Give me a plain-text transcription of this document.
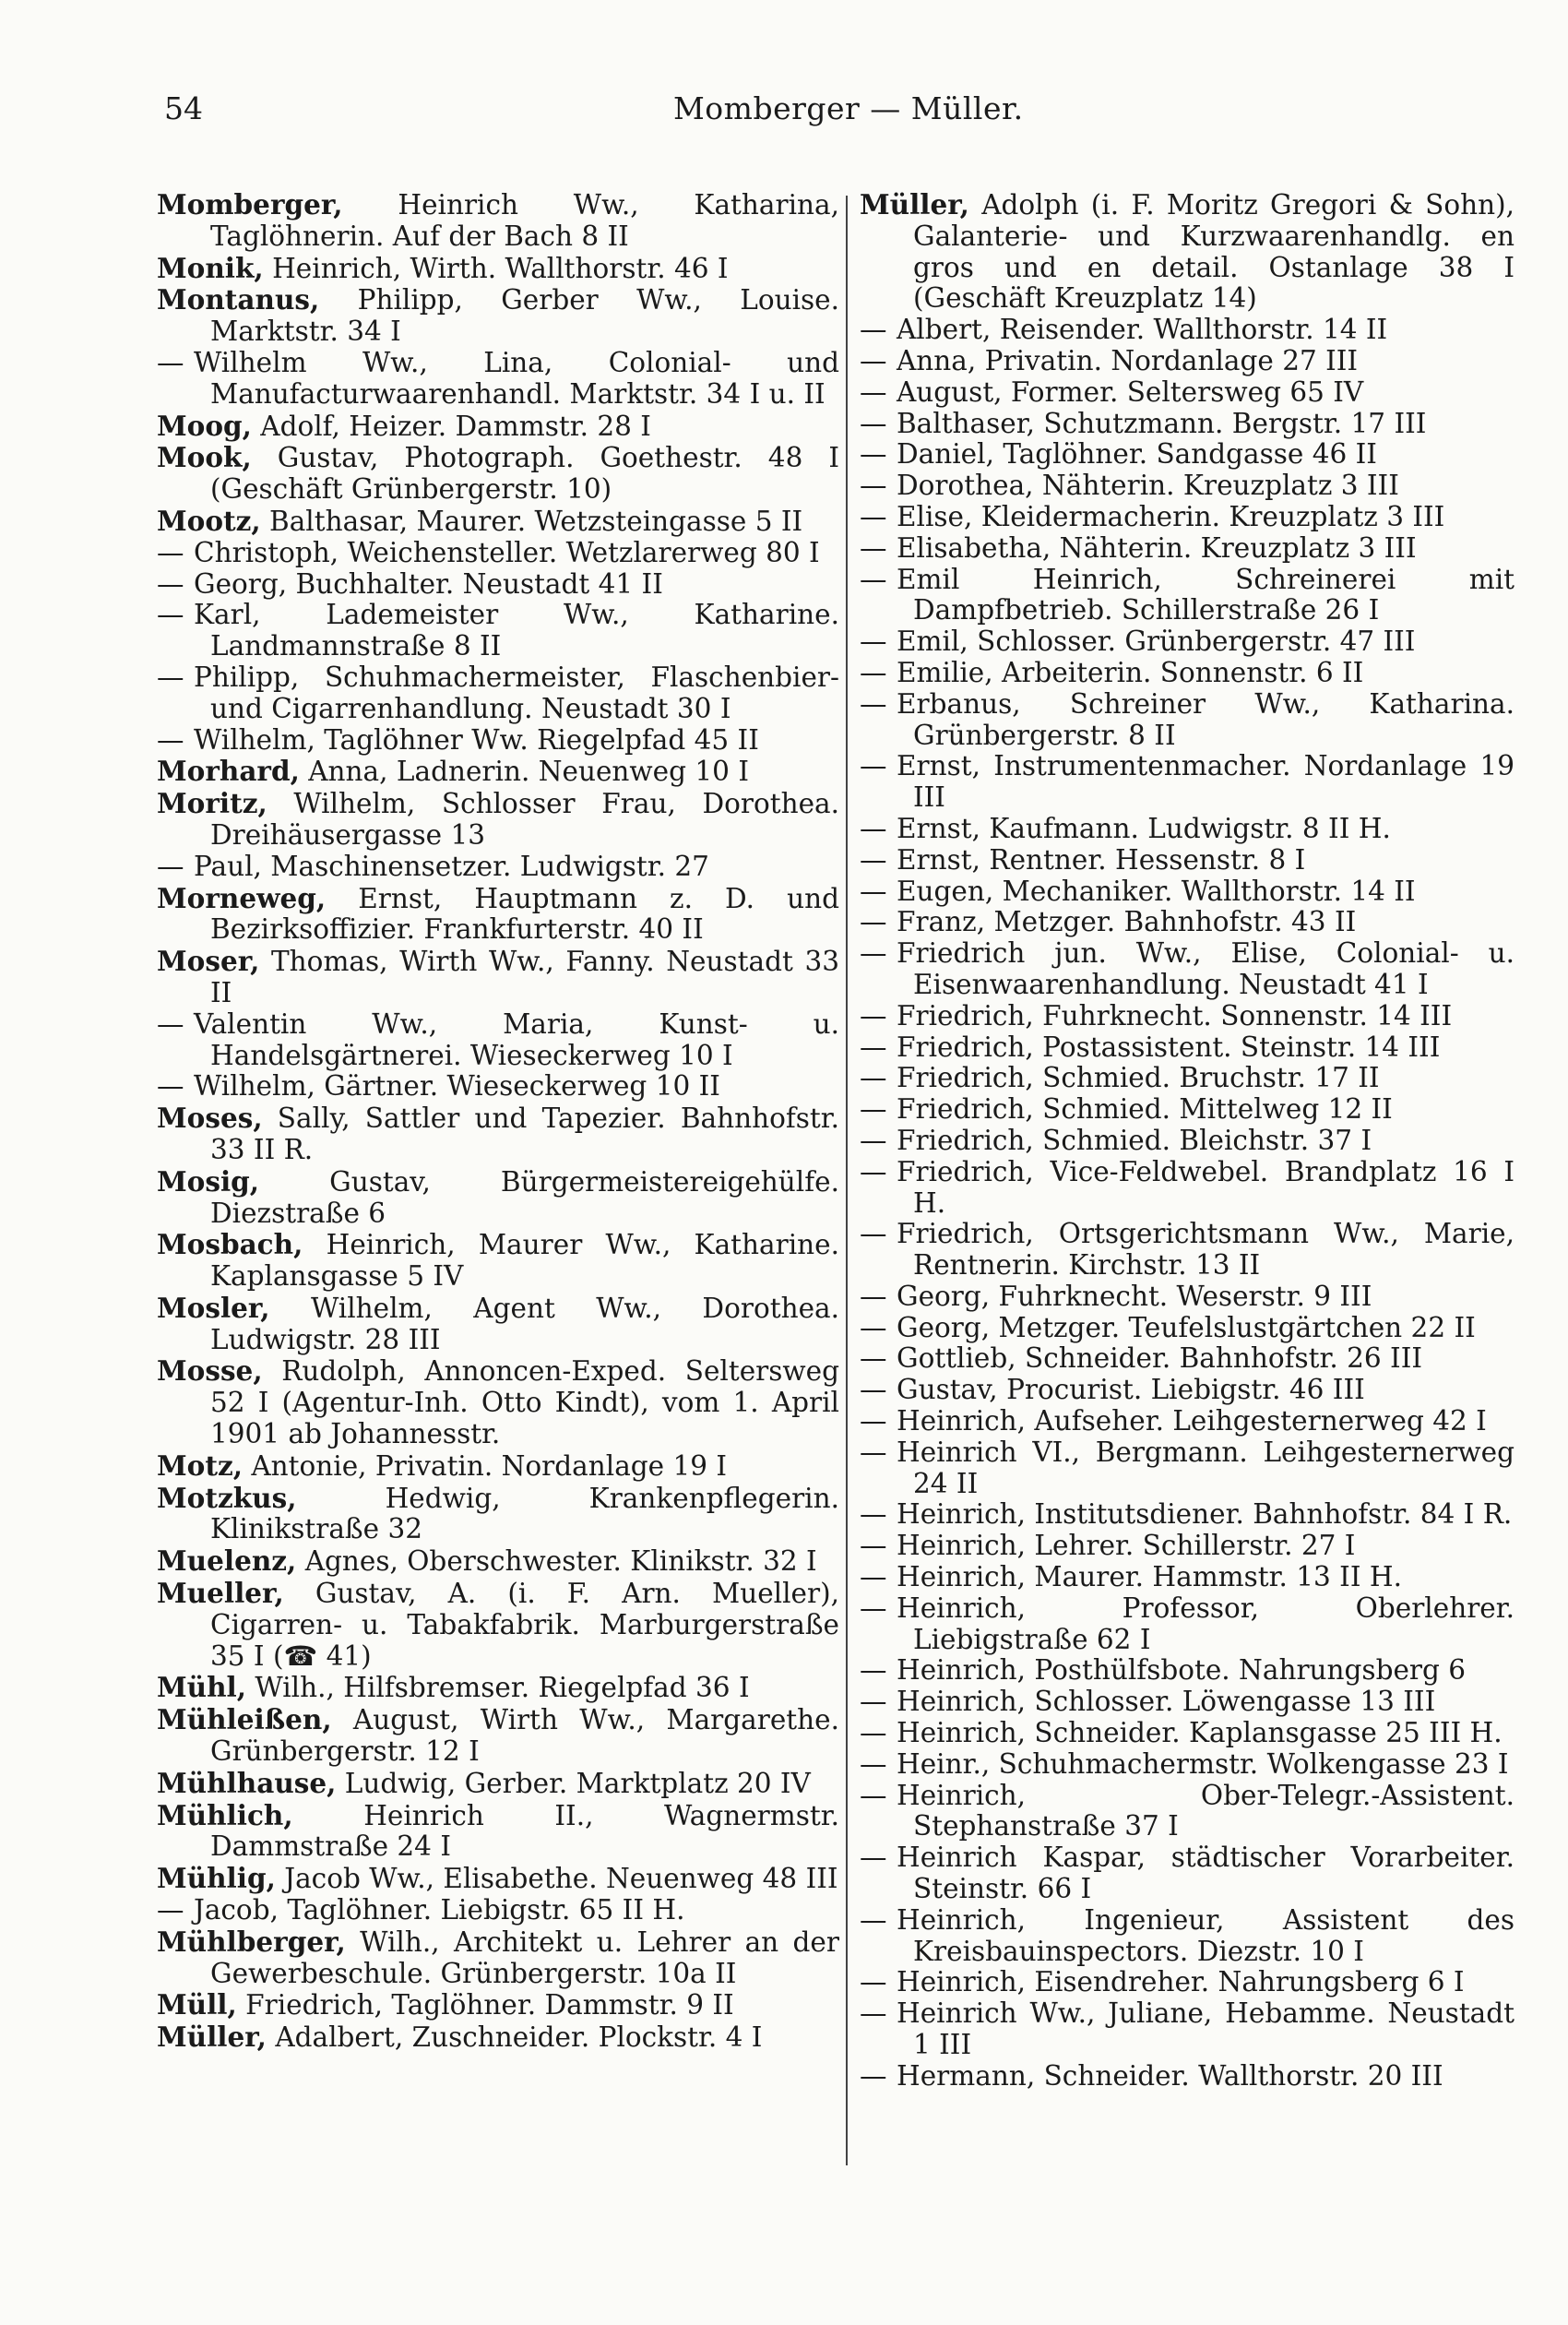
54	Momberger — Müller.

Momberger, Heinrich Ww., Katharina, Taglöhnerin. Auf der Bach 8 II

Monik, Heinrich, Wirth. Wallthorstr. 46 I

Montanus, Philipp, Gerber Ww., Louise. Marktstr. 34 I

— Wilhelm Ww., Lina, Colonial- und Manufacturwaarenhandl. Marktstr. 34 I u. II

Moog, Adolf, Heizer. Dammstr. 28 I

Mook, Gustav, Photograph. Goethestr. 48 I (Geschäft Grünbergerstr. 10)

Mootz, Balthasar, Maurer. Wetzsteingasse 5 II

— Christoph, Weichensteller. Wetzlarerweg 80 I

— Georg, Buchhalter. Neustadt 41 II

— Karl, Lademeister Ww., Katharine. Landmannstraße 8 II

— Philipp, Schuhmachermeister, Flaschenbier- und Cigarrenhandlung. Neustadt 30 I

— Wilhelm, Taglöhner Ww. Riegelpfad 45 II

Morhard, Anna, Ladnerin. Neuenweg 10 I

Moritz, Wilhelm, Schlosser Frau, Dorothea. Dreihäusergasse 13

— Paul, Maschinensetzer. Ludwigstr. 27

Morneweg, Ernst, Hauptmann z. D. und Bezirksoffizier. Frankfurterstr. 40 II

Moser, Thomas, Wirth Ww., Fanny. Neustadt 33 II

— Valentin Ww., Maria, Kunst- u. Handelsgärtnerei. Wieseckerweg 10 I

— Wilhelm, Gärtner. Wieseckerweg 10 II

Moses, Sally, Sattler und Tapezier. Bahnhofstr. 33 II R.

Mosig, Gustav, Bürgermeistereigehülfe. Diezstraße 6

Mosbach, Heinrich, Maurer Ww., Katharine. Kaplansgasse 5 IV

Mosler, Wilhelm, Agent Ww., Dorothea. Ludwigstr. 28 III

Mosse, Rudolph, Annoncen-Exped. Seltersweg 52 I (Agentur-Inh. Otto Kindt), vom 1. April 1901 ab Johannesstr.

Motz, Antonie, Privatin. Nordanlage 19 I

Motzkus, Hedwig, Krankenpflegerin. Klinikstraße 32

Muelenz, Agnes, Oberschwester. Klinikstr. 32 I

Mueller, Gustav, A. (i. F. Arn. Mueller), Cigarren- u. Tabakfabrik. Marburgerstraße 35 I (☎ 41)

Mühl, Wilh., Hilfsbremser. Riegelpfad 36 I

Mühleißen, August, Wirth Ww., Margarethe. Grünbergerstr. 12 I

Mühlhause, Ludwig, Gerber. Marktplatz 20 IV

Mühlich, Heinrich II., Wagnermstr. Dammstraße 24 I

Mühlig, Jacob Ww., Elisabethe. Neuenweg 48 III

— Jacob, Taglöhner. Liebigstr. 65 II H.

Mühlberger, Wilh., Architekt u. Lehrer an der Gewerbeschule. Grünbergerstr. 10a II

Müll, Friedrich, Taglöhner. Dammstr. 9 II

Müller, Adalbert, Zuschneider. Plockstr. 4 I

Müller, Adolph (i. F. Moritz Gregori & Sohn), Galanterie- und Kurzwaarenhandlg. en gros und en detail. Ostanlage 38 I (Geschäft Kreuzplatz 14)

— Albert, Reisender. Wallthorstr. 14 II

— Anna, Privatin. Nordanlage 27 III

— August, Former. Seltersweg 65 IV

— Balthaser, Schutzmann. Bergstr. 17 III

— Daniel, Taglöhner. Sandgasse 46 II

— Dorothea, Nähterin. Kreuzplatz 3 III

— Elise, Kleidermacherin. Kreuzplatz 3 III

— Elisabetha, Nähterin. Kreuzplatz 3 III

— Emil Heinrich, Schreinerei mit Dampfbetrieb. Schillerstraße 26 I

— Emil, Schlosser. Grünbergerstr. 47 III

— Emilie, Arbeiterin. Sonnenstr. 6 II

— Erbanus, Schreiner Ww., Katharina. Grünbergerstr. 8 II

— Ernst, Instrumentenmacher. Nordanlage 19 III

— Ernst, Kaufmann. Ludwigstr. 8 II H.

— Ernst, Rentner. Hessenstr. 8 I

— Eugen, Mechaniker. Wallthorstr. 14 II

— Franz, Metzger. Bahnhofstr. 43 II

— Friedrich jun. Ww., Elise, Colonial- u. Eisenwaarenhandlung. Neustadt 41 I

— Friedrich, Fuhrknecht. Sonnenstr. 14 III

— Friedrich, Postassistent. Steinstr. 14 III

— Friedrich, Schmied. Bruchstr. 17 II

— Friedrich, Schmied. Mittelweg 12 II

— Friedrich, Schmied. Bleichstr. 37 I

— Friedrich, Vice-Feldwebel. Brandplatz 16 I H.

— Friedrich, Ortsgerichtsmann Ww., Marie, Rentnerin. Kirchstr. 13 II

— Georg, Fuhrknecht. Weserstr. 9 III

— Georg, Metzger. Teufelslustgärtchen 22 II

— Gottlieb, Schneider. Bahnhofstr. 26 III

— Gustav, Procurist. Liebigstr. 46 III

— Heinrich, Aufseher. Leihgesternerweg 42 I

— Heinrich VI., Bergmann. Leihgesternerweg 24 II

— Heinrich, Institutsdiener. Bahnhofstr. 84 I R.

— Heinrich, Lehrer. Schillerstr. 27 I

— Heinrich, Maurer. Hammstr. 13 II H.

— Heinrich, Professor, Oberlehrer. Liebigstraße 62 I

— Heinrich, Posthülfsbote. Nahrungsberg 6

— Heinrich, Schlosser. Löwengasse 13 III

— Heinrich, Schneider. Kaplansgasse 25 III H.

— Heinr., Schuhmachermstr. Wolkengasse 23 I

— Heinrich, Ober-Telegr.-Assistent. Stephanstraße 37 I

— Heinrich Kaspar, städtischer Vorarbeiter. Steinstr. 66 I

— Heinrich, Ingenieur, Assistent des Kreisbauinspectors. Diezstr. 10 I

— Heinrich, Eisendreher. Nahrungsberg 6 I

— Heinrich Ww., Juliane, Hebamme. Neustadt 1 III

— Hermann, Schneider. Wallthorstr. 20 III
